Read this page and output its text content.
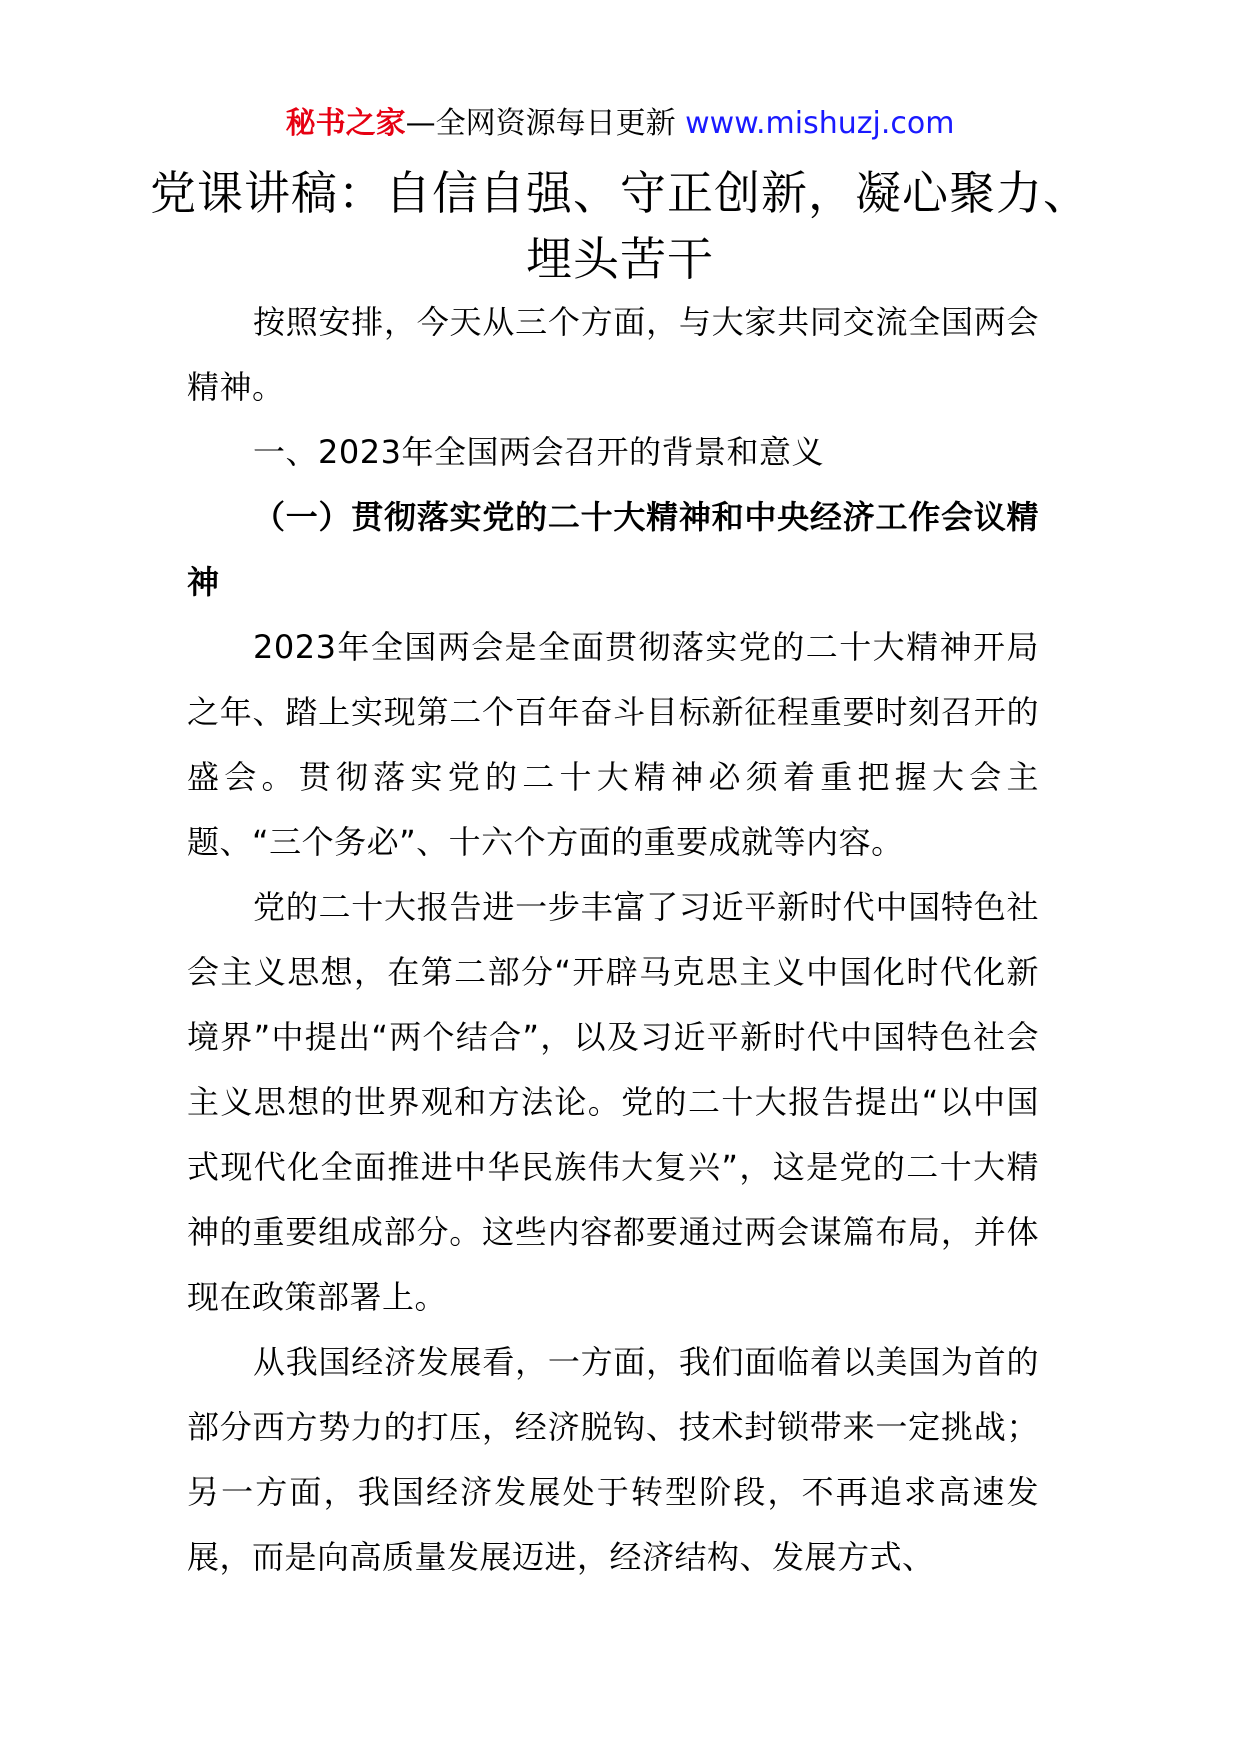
秘书之家—全网资源每日更新 www.mishuzj.com
党课讲稿：自信自强、守正创新，凝心聚力、埋头苦干

按照安排，今天从三个方面，与大家共同交流全国两会精神。

一、2023年全国两会召开的背景和意义

（一）贯彻落实党的二十大精神和中央经济工作会议精神

2023年全国两会是全面贯彻落实党的二十大精神开局之年、踏上实现第二个百年奋斗目标新征程重要时刻召开的盛会。贯彻落实党的二十大精神必须着重把握大会主题、“三个务必”、十六个方面的重要成就等内容。

党的二十大报告进一步丰富了习近平新时代中国特色社会主义思想，在第二部分“开辟马克思主义中国化时代化新境界”中提出“两个结合”，以及习近平新时代中国特色社会主义思想的世界观和方法论。党的二十大报告提出“以中国式现代化全面推进中华民族伟大复兴”，这是党的二十大精神的重要组成部分。这些内容都要通过两会谋篇布局，并体现在政策部署上。

从我国经济发展看，一方面，我们面临着以美国为首的部分西方势力的打压，经济脱钩、技术封锁带来一定挑战；另一方面，我国经济发展处于转型阶段，不再追求高速发展，而是向高质量发展迈进，经济结构、发展方式、
